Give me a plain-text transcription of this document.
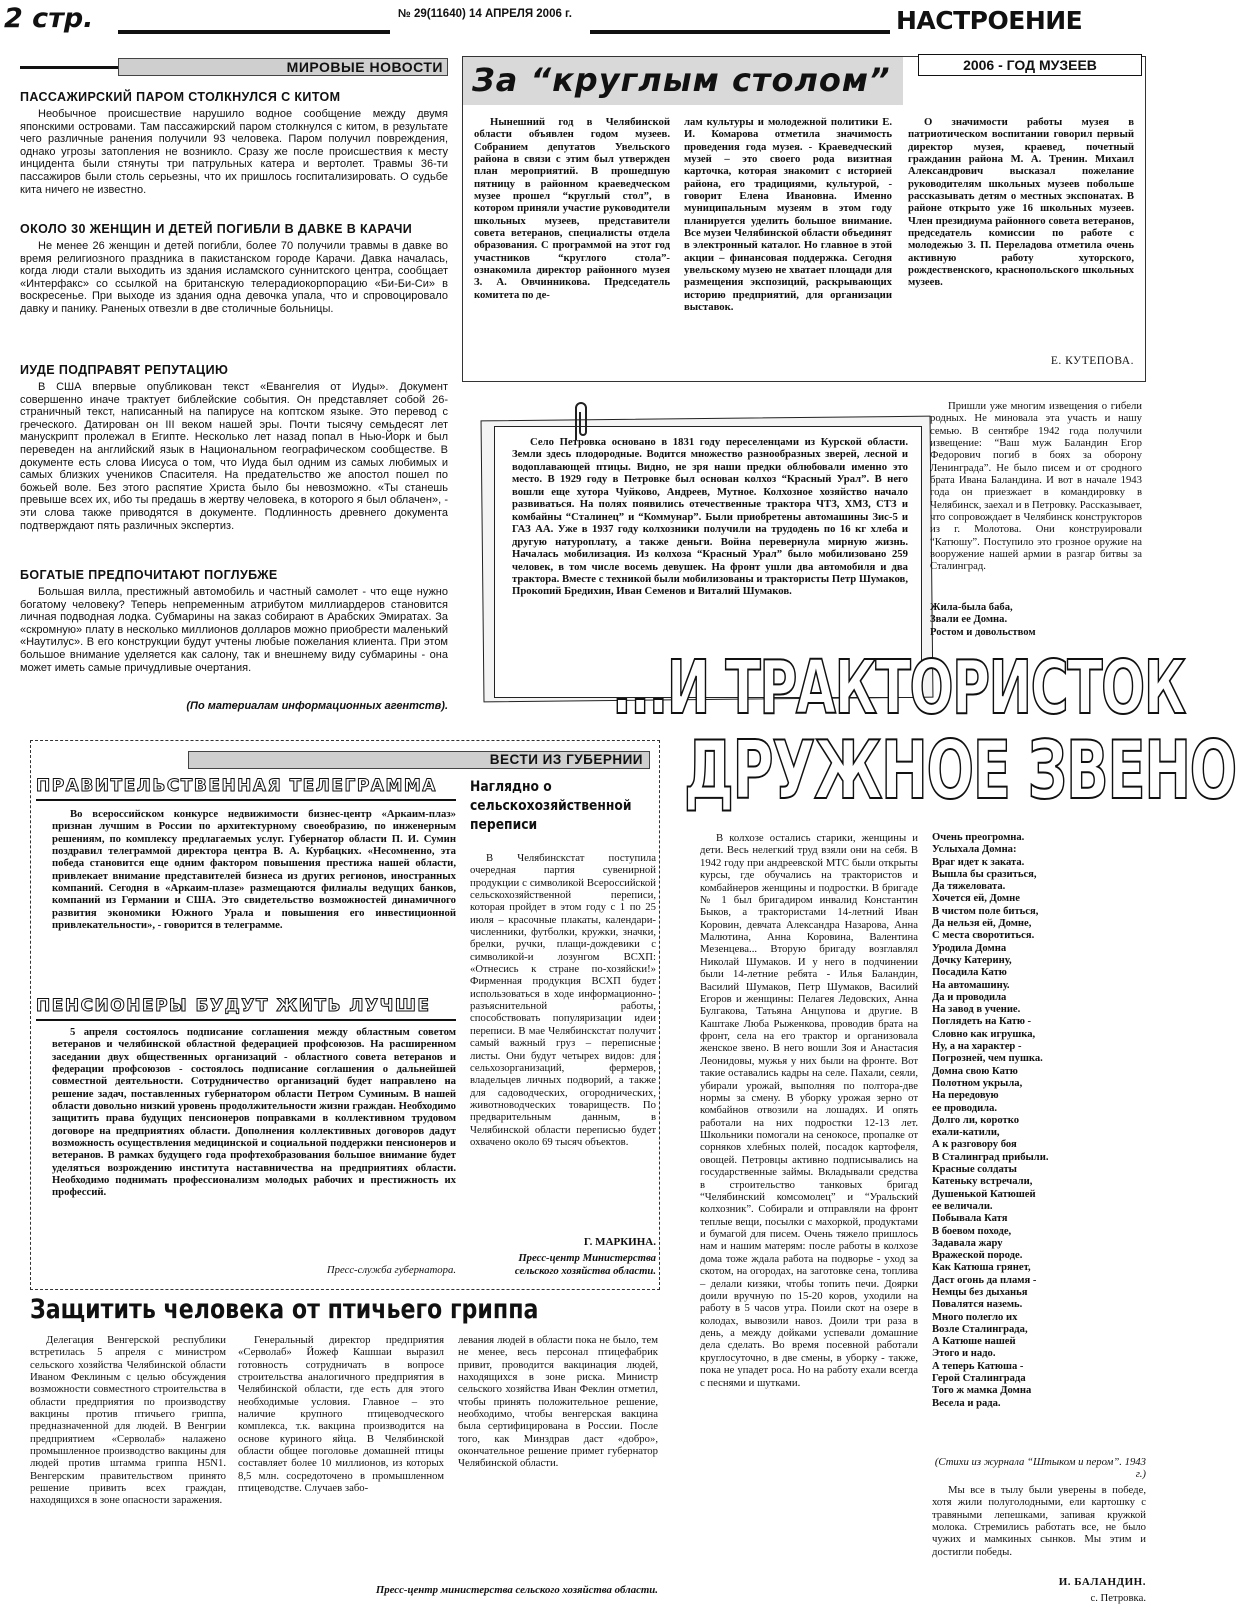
2 стр.	№ 29(11640) 14 АПРЕЛЯ 2006 г.	НАСТРОЕНИЕ
МИРОВЫЕ НОВОСТИ
ПАССАЖИРСКИЙ ПАРОМ СТОЛКНУЛСЯ С КИТОМ
Необычное происшествие нарушило водное сообщение между двумя японскими островами. Там пассажирский паром столкнулся с китом, в результате чего различные ранения получили 93 человека. Паром получил повреждения, однако угрозы затопления не возникло. Сразу же после происшествия к месту инцидента были стянуты три патрульных катера и вертолет. Травмы 36-ти пассажиров были столь серьезны, что их пришлось госпитализировать. О судьбе кита ничего не известно.
ОКОЛО 30 ЖЕНЩИН И ДЕТЕЙ ПОГИБЛИ В ДАВКЕ В КАРАЧИ
Не менее 26 женщин и детей погибли, более 70 получили травмы в давке во время религиозного праздника в пакистанском городе Карачи. Давка началась, когда люди стали выходить из здания исламского суннитского центра, сообщает «Интерфакс» со ссылкой на британскую телерадиокорпорацию «Би-Би-Си» в воскресенье. При выходе из здания одна девочка упала, что и спровоцировало давку и панику. Раненых отвезли в две столичные больницы.
ИУДЕ ПОДПРАВЯТ РЕПУТАЦИЮ
В США впервые опубликован текст «Евангелия от Иуды». Документ совершенно иначе трактует библейские события. Он представляет собой 26-страничный текст, написанный на папирусе на коптском языке. Это перевод с греческого. Датирован он III веком нашей эры. Почти тысячу семьдесят лет манускрипт пролежал в Египте. Несколько лет назад попал в Нью-Йорк и был переведен на английский язык в Национальном географическом сообществе. В документе есть слова Иисуса о том, что Иуда был одним из самых любимых и самых близких учеников Спасителя. На предательство же апостол пошел по божьей воле. Без этого распятие Христа было бы невозможно. «Ты станешь превыше всех их, ибо ты предашь в жертву человека, в которого я был облачен», - эти слова также приводятся в документе. Подлинность древнего документа подтверждают пять различных экспертиз.
БОГАТЫЕ ПРЕДПОЧИТАЮТ ПОГЛУБЖЕ
Большая вилла, престижный автомобиль и частный самолет - что еще нужно богатому человеку? Теперь непременным атрибутом миллиардеров становится личная подводная лодка. Субмарины на заказ собирают в Арабских Эмиратах. За «скромную» плату в несколько миллионов долларов можно приобрести маленький «Наутилус». В его конструкции будут учтены любые пожелания клиента. При этом большое внимание уделяется как салону, так и внешнему виду субмарины - она может иметь самые причудливые очертания.
(По материалам информационных агентств).
За “круглым столом”	2006 - ГОД МУЗЕЕВ
Нынешний год в Челябинской области объявлен годом музеев. Собранием депутатов Увельского района в связи с этим был утвержден план мероприятий. В прошедшую пятницу в районном краеведческом музее прошел “круглый стол”, в котором приняли участие руководители школьных музеев, представители совета ветеранов, специалисты отдела образования. С программой на этот год участников “круглого стола”- ознакомила директор районного музея З. А. Овчинникова. Председатель комитета по де-
лам культуры и молодежной политики Е. И. Комарова отметила значимость проведения года музея. - Краеведческий музей – это своего рода визитная карточка, которая знакомит с историей района, его традициями, культурой, - говорит Елена Ивановна. Именно муниципальным музеям в этом году планируется уделить большое внимание. Все музеи Челябинской области объединят в электронный каталог. Но главное в этой акции – финансовая поддержка. Сегодня увельскому музею не хватает площади для размещения экспозиций, раскрывающих историю предприятий, для организации выставок.
О значимости работы музея в патриотическом воспитании говорил первый директор музея, краевед, почетный гражданин района М. А. Тренин. Михаил Александрович высказал пожелание руководителям школьных музеев побольше рассказывать детям о местных экспонатах. В районе открыто уже 16 школьных музеев. Член президиума районного совета ветеранов, председатель комиссии по работе с молодежью З. П. Переладова отметила очень активную работу хуторского, рождественского, краснопольского школьных музеев.
Е. КУТЕПОВА.
Село Петровка основано в 1831 году переселенцами из Курской области. Земли здесь плодородные. Водится множество разнообразных зверей, лесной и водоплавающей птицы. Видно, не зря наши предки облюбовали именно это место. В 1929 году в Петровке был основан колхоз “Красный Урал”. В него вошли еще хутора Чуйково, Андреев, Мутное. Колхозное хозяйство начало развиваться. На полях появились отечественные трактора ЧТЗ, ХМЗ, СТЗ и комбайны “Сталинец” и “Коммунар”. Были приобретены автомашины Зис-5 и ГАЗ АА. Уже в 1937 году колхозники получили на трудодень по 16 кг хлеба и другую натуроплату, а также деньги. Война перевернула мирную жизнь. Началась мобилизация. Из колхоза “Красный Урал” было мобилизовано 259 человек, в том числе восемь девушек. На фронт ушли два автомобиля и два трактора. Вместе с техникой были мобилизованы и трактористы Петр Шумаков, Прокопий Бредихин, Иван Семенов и Виталий Шумаков.
Пришли уже многим извещения о гибели родных. Не миновала эта участь и нашу семью. В сентябре 1942 года получили извещение: “Ваш муж Баландин Егор Федорович погиб в боях за оборону Ленинграда”. Не было писем и от сродного брата Ивана Баландина. И вот в начале 1943 года он приезжает в командировку в Челябинск, заехал и в Петровку. Рассказывает, что сопровождает в Челябинск конструкторов из г. Молотова. Они конструировали “Катюшу”. Поступило это грозное оружие на вооружение нашей армии в разгар битвы за Сталинград.
Жила-была баба,
Звали ее Домна.
Ростом и довольством
...И ТРАКТОРИСТОК
ДРУЖНОЕ ЗВЕНО
ВЕСТИ ИЗ ГУБЕРНИИ
ПРАВИТЕЛЬСТВЕННАЯ ТЕЛЕГРАММА
Во всероссийском конкурсе недвижимости бизнес-центр «Аркаим-плаз» признан лучшим в России по архитектурному своеобразию, по инженерным решениям, по комплексу предлагаемых услуг. Губернатор области П. И. Сумин поздравил телеграммой директора центра В. А. Курбацких. «Несомненно, эта победа становится еще одним фактором повышения престижа нашей области, привлекает внимание представителей бизнеса из других регионов, иностранных компаний. Сегодня в «Аркаим-плазе» размещаются филиалы ведущих банков, компаний из Германии и США. Это свидетельство возможностей динамичного развития экономики Южного Урала и повышения его инвестиционной привлекательности», - говорится в телеграмме.
ПЕНСИОНЕРЫ БУДУТ ЖИТЬ ЛУЧШЕ
5 апреля состоялось подписание соглашения между областным советом ветеранов и челябинской областной федерацией профсоюзов. На расширенном заседании двух общественных организаций - областного совета ветеранов и федерации профсоюзов - состоялось подписание соглашения о дальнейшей совместной деятельности. Сотрудничество организаций будет направлено на решение задач, поставленных губернатором области Петром Суминым. В нашей области довольно низкий уровень продолжительности жизни граждан. Необходимо защитить права будущих пенсионеров поправками в коллективном трудовом договоре на предприятиях области. Дополнения коллективных договоров дадут возможность осуществления медицинской и социальной поддержки пенсионеров и ветеранов. В рамках будущего года профтехобразования большое внимание будет уделяться возрождению института наставничества на предприятиях области. Необходимо поднимать профессионализм молодых рабочих и престижность их профессий.
Пресс-служба губернатора.
Наглядно о сельскохозяйственной переписи
В Челябинскстат поступила очередная партия сувенирной продукции с символикой Всероссийской сельскохозяйственной переписи, которая пройдет в этом году с 1 по 25 июля – красочные плакаты, календари-численники, футболки, кружки, значки, брелки, ручки, плащи-дождевики с символикой-и лозунгом ВСХП: «Отнесись к стране по-хозяйски!» Фирменная продукция ВСХП будет использоваться в ходе информационно-разъяснительной работы, способствовать популяризации идеи переписи. В мае Челябинскстат получит самый важный груз – переписные листы. Они будут четырех видов: для сельхозорганизаций, фермеров, владельцев личных подворий, а также для садоводческих, огороднических, животноводческих товариществ. По предварительным данным, в Челябинской области переписью будет охвачено около 69 тысяч объектов.
Г. МАРКИНА.
Пресс-центр Министерства сельского хозяйства области.
Защитить человека от птичьего гриппа
Делегация Венгерской республики встретилась 5 апреля с министром сельского хозяйства Челябинской области Иваном Феклиным с целью обсуждения возможности совместного строительства в области предприятия по производству вакцины против птичьего гриппа, предназначенной для людей. В Венгрии предприятием «Серволаб» налажено промышленное производство вакцины для людей против штамма гриппа H5N1. Венгерским правительством принято решение привить всех граждан, находящихся в зоне опасности заражения.
Генеральный директор предприятия «Серволаб» Йожеф Кашшаи выразил готовность сотрудничать в вопросе строительства аналогичного предприятия в Челябинской области, где есть для этого необходимые условия. Главное – это наличие крупного птицеводческого комплекса, т.к. вакцина производится на основе куриного яйца. В Челябинской области общее поголовье домашней птицы составляет более 10 миллионов, из которых 8,5 млн. сосредоточено в промышленном птицеводстве. Случаев забо-
левания людей в области пока не было, тем не менее, весь персонал птицефабрик привит, проводится вакцинация людей, находящихся в зоне риска. Министр сельского хозяйства Иван Феклин отметил, чтобы принять положительное решение, необходимо, чтобы венгерская вакцина была сертифицирована в России. После того, как Минздрав даст «добро», окончательное решение примет губернатор Челябинской области.
Пресс-центр министерства сельского хозяйства области.
В колхозе остались старики, женщины и дети. Весь нелегкий труд взяли они на себя. В 1942 году при андреевской МТС были открыты курсы, где обучались на трактористов и комбайнеров женщины и подростки. В бригаде № 1 был бригадиром инвалид Константин Быков, а трактористами 14-летний Иван Коровин, девчата Александра Назарова, Анна Малютина, Анна Коровина, Валентина Мезенцева... Вторую бригаду возглавлял Николай Шумаков. И у него в подчинении были 14-летние ребята - Илья Баландин, Василий Шумаков, Петр Шумаков, Василий Егоров и женщины: Пелагея Ледовских, Анна Булгакова, Татьяна Анцупова и другие. В Каштаке Люба Рыженкова, проводив брата на фронт, села на его трактор и организовала женское звено. В него вошли Зоя и Анастасия Леонидовы, мужья у них были на фронте. Вот такие оставались кадры на селе. Пахали, сеяли, убирали урожай, выполняя по полтора-две нормы за смену. В уборку урожая зерно от комбайнов отвозили на лошадях. И опять работали на них подростки 12-13 лет. Школьники помогали на сенокосе, пропалке от сорняков хлебных полей, посадок картофеля, овощей. Петровцы активно подписывались на государственные займы. Вкладывали средства в строительство танковых бригад “Челябинский комсомолец” и “Уральский колхозник”. Собирали и отправляли на фронт теплые вещи, посылки с махоркой, продуктами и бумагой для писем. Очень тяжело пришлось нам и нашим матерям: после работы в колхозе дома тоже ждала работа на подворье - уход за скотом, на огородах, на заготовке сена, топлива – делали кизяки, чтобы топить печи. Доярки доили вручную по 15-20 коров, уходили на работу в 5 часов утра. Поили скот на озере в колодах, вывозили навоз. Доили три раза в день, а между дойками успевали домашние дела сделать. Во время посевной работали круглосуточно, в две смены, в уборку - также, пока не упадет роса. Но на работу ехали всегда с песнями и шутками.
Очень преогромна.
Услыхала Домна:
Враг идет к заката.
Вышла бы сразиться,
Да тяжеловата.
Хочется ей, Домне
В чистом поле биться,
Да нельзя ей, Домне,
С места своротиться.
Уродила Домна
Дочку Катерину,
Посадила Катю
На автомашину.
Да и проводила
На завод в учение.
Поглядеть на Катю -
Словно как игрушка,
Ну, а на характер -
Погрозней, чем пушка.
Домна свою Катю
Полотном укрыла,
На передовую
ее проводила.
Долго ли, коротко
ехали-катили,
А к разговору боя
В Сталинград прибыли.
Красные солдаты
Катеньку встречали,
Душенькой Катюшей
ее величали.
Побывала Катя
В боевом походе,
Задавала жару
Вражеской породе.
Как Катюша грянет,
Даст огонь да пламя -
Немцы без дыханья
Повалятся наземь.
Много полегло их
Возле Сталинграда,
А Катюше нашей
Этого и надо.
А теперь Катюша -
Герой Сталинграда
Того ж мамка Домна
Весела и рада.
(Стихи из журнала “Штыком и пером”. 1943 г.)
Мы все в тылу были уверены в победе, хотя жили полуголодными, ели картошку с травяными лепешками, запивая кружкой молока. Стремились работать все, не было чужих и мамкиных сынков. Мы этим и достигли победы.
И. БАЛАНДИН.
с. Петровка.
